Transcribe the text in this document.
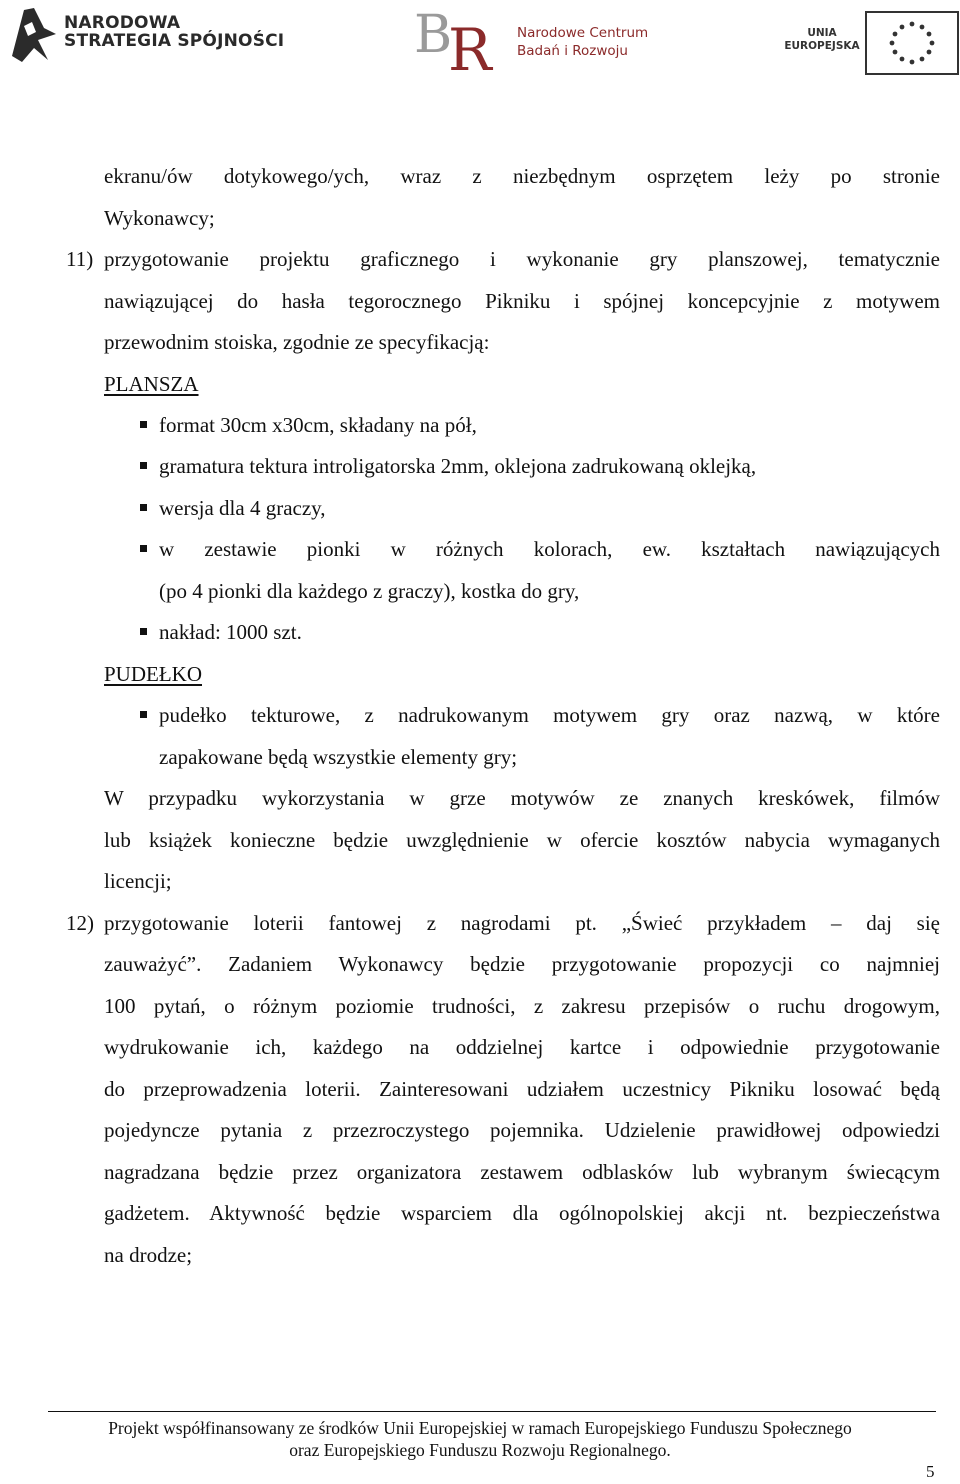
NARODOWA
STRATEGIA SPÓJNOŚCI B
R Narodowe Centrum
Badań i Rozwoju
UNIA
EUROPEJSKA
ekranu/ów dotykowego/ych, wraz z niezbędnym osprzętem leży po stronie
Wykonawcy;
11) przygotowanie projektu graficznego i wykonanie gry planszowej, tematycznie
nawiązującej do hasła tegorocznego Pikniku i spójnej koncepcyjnie z motywem
przewodnim stoiska, zgodnie ze specyfikacją:
PLANSZA
format 30cm x30cm, składany na pół,
gramatura tektura introligatorska 2mm, oklejona zadrukowaną oklejką,
wersja dla 4 graczy,
w zestawie pionki w różnych kolorach, ew. kształtach nawiązujących
(po 4 pionki dla każdego z graczy), kostka do gry,
nakład: 1000 szt.
PUDEŁKO
pudełko tekturowe, z nadrukowanym motywem gry oraz nazwą, w które
zapakowane będą wszystkie elementy gry;
W przypadku wykorzystania w grze motywów ze znanych kreskówek, filmów
lub książek konieczne będzie uwzględnienie w ofercie kosztów nabycia wymaganych
licencji;
12) przygotowanie loterii fantowej z nagrodami pt. „Świeć przykładem – daj się
zauważyć”. Zadaniem Wykonawcy będzie przygotowanie propozycji co najmniej
100 pytań, o różnym poziomie trudności, z zakresu przepisów o ruchu drogowym,
wydrukowanie ich, każdego na oddzielnej kartce i odpowiednie przygotowanie
do przeprowadzenia loterii. Zainteresowani udziałem uczestnicy Pikniku losować będą
pojedyncze pytania z przezroczystego pojemnika. Udzielenie prawidłowej odpowiedzi
nagradzana będzie przez organizatora zestawem odblasków lub wybranym świecącym
gadżetem. Aktywność będzie wsparciem dla ogólnopolskiej akcji nt. bezpieczeństwa
na drodze;
Projekt współfinansowany ze środków Unii Europejskiej w ramach Europejskiego Funduszu Społecznego
oraz Europejskiego Funduszu Rozwoju Regionalnego.
5
